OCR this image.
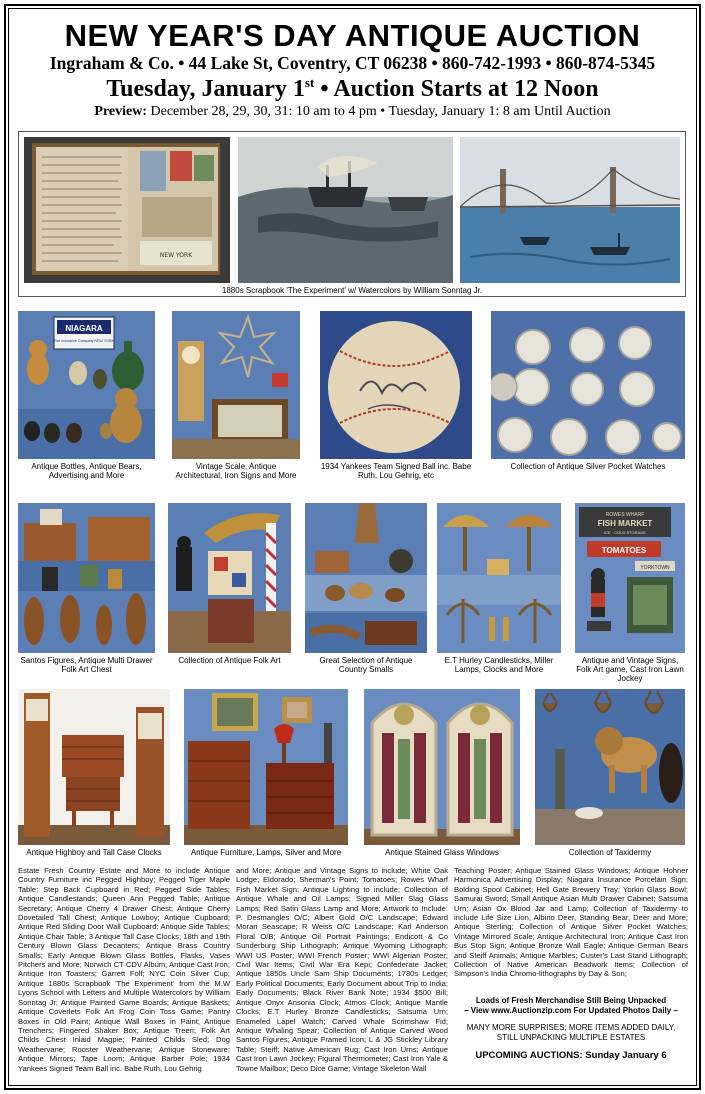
NEW YEAR'S DAY ANTIQUE AUCTION
Ingraham & Co. • 44 Lake St, Coventry, CT 06238 • 860-742-1993 • 860-874-5345
Tuesday, January 1st • Auction Starts at 12 Noon
Preview: December 28, 29, 30, 31: 10 am to 4 pm • Tuesday, January 1: 8 am Until Auction
NEW YORK
1880s Scrapbook 'The Experiment' w/ Watercolors by William Sonntag Jr.
NIAGARA
Fire Insurance Company NEW YORK
Antique Bottles, Antique Bears, Advertising and More
Vintage Scale, Antique Architectural, Iron Signs and More
1934 Yankees Team Signed Ball inc. Babe Ruth, Lou Gehrig, etc
Collection of Antique Silver Pocket Watches
Santos Figures, Antique Multi Drawer Folk Art Chest
Collection of Antique Folk Art	Great Selection of Antique Country Smalls
E.T Hurley Candlesticks, Miller Lamps, Clocks and More
ROWES WHARF
FISH MARKET
ICE · COLD STORAGE
TOMATOES
YORKTOWN
Antique and Vintage Signs, Folk Art game, Cast Iron Lawn Jockey
Antique Highboy and Tall Case Clocks	Antique Furniture, Lamps, Silver and More	Antique Stained Glass Windows	Collection of Taxidermy
Estate Fresh Country Estate and More to include Antique Country Furniture inc Pegged Highboy; Pegged Tiger Maple Table; Step Back Cupboard in Red; Pegged Side Tables; Antique Candlestands; Queen Ann Pegged Table; Antique Secretary; Antique Cherry 4 Drawer Chest; Antique Cherry Dovetailed Tall Chest; Antique Lowboy; Antique Cupboard; Antique Red Sliding Door Wall Cupboard; Antique Side Tables; Antique Chair Table; 3 Antique Tall Case Clocks; 18th and 19th Century Blown Glass Decanters; Antique Brass Country Smalls; Early Antique Blown Glass Bottles, Flasks, Vases Pitchers and More; Norwich CT CDV Album; Antique Cast Iron; Antique Iron Toasters; Garrett Folf; NYC Coin Silver Cup; Antique 1880s Scrapbook 'The Experiment' from the M.W Lyons School with Letters and Multiple Watercolors by William Sonntag Jr; Antique Painted Game Boards; Antique Baskets; Antique Coverlets Folk Art Frog Coin Toss Game; Pantry Boxes in Old Paint; Antique Wall Boxes in Paint; Antique Trenchers; Fingered Shaker Box; Antique Treen; Folk Art Childs Chest Inlaid Magpie; Painted Childs Sled; Dog Weathervane; Rooster Weathervane; Antique Stoneware; Antique Mirrors; Tape Loom; Antique Barber Pole; 1934 Yankees Signed Team Ball inc. Babe Ruth, Lou Gehrig
and More; Antique and Vintage Signs to include; White Oak Lodge; Eldorado; Sherman's Point; Tomatoes; Rowes Wharf Fish Market Sign; Antique Lighting to include; Collection of Antique Whale and Oil Lamps; Signed Miller Slag Glass Lamps; Red Satin Glass Lamp and More; Artwork to Include: P. Desmangles O/C; Albert Gold O/C Landscape; Edward Moran Seascape; R Weiss O/C Landscape; Karl Anderson Floral O/B; Antique Oil Portrait Paintings; Endicott & Co Sunderburg Ship Lithograph; Antique Wyoming Lithograph; WWI US Poster; WWI French Poster; WWI Algerian Poster; Civil War Items; Civil War Era Kepi; Confederate Jacket; Antique 1850s Uncle Sam Ship Documents; 1780s Ledger; Early Political Documents; Early Document about Trip to India; Early Documents; Black River Bank Note; 1934 $500 Bill; Antique Onyx Ansonia Clock; Atmos Clock; Antique Mantle Clocks; E.T Hurley Bronze Candlesticks; Satsuma Urn; Enameled Lapel Watch; Carved Whale Scrimshaw Fid; Antique Whaling Spear; Collection of Antique Carved Wood Santos Figures; Antique Framed Icon; L & JG Stickley Library Table; Steiff; Native American Rug; Cast Iron Urns; Antique Cast Iron Lawn Jockey; Figural Thermometer; Cast Iron Yale & Towne Mailbox; Deco Dice Game; Vintage Skeleton Wall
Teaching Poster; Antique Stained Glass Windows; Antique Hohner Harmonica Advertising Display; Niagara Insurance Porcelain Sign; Bolding Spool Cabinet; Hell Gate Brewery Tray; Yorkin Glass Bowl; Samurai Sword; Small Antique Asian Multi Drawer Cabinet; Satsuma Urn; Asian Ox Blood Jar and Lamp; Collection of Taxidermy to include Life Size Lion, Albino Deer, Standing Bear, Deer and More; Antique Sterling; Collection of Antique Silver Pocket Watches; Vintage Mirrored Scale; Antique Architectural Iron; Antique Cast Iron Bus Stop Sign; Antique Bronze Wall Eagle; Antique German Bears and Steiff Animals; Antique Marbles; Custer's Last Stand Lithograph; Collection of Native American Beadwork Items; Collection of Simpson's India Chromo-lithographs by Day & Son;
Loads of Fresh Merchandise Still Being Unpacked
– View www.Auctionzip.com For Updated Photos Daily –
MANY MORE SURPRISES; MORE ITEMS ADDED DAILY,
STILL UNPACKING MULTIPLE ESTATES
UPCOMING AUCTIONS: Sunday January 6
